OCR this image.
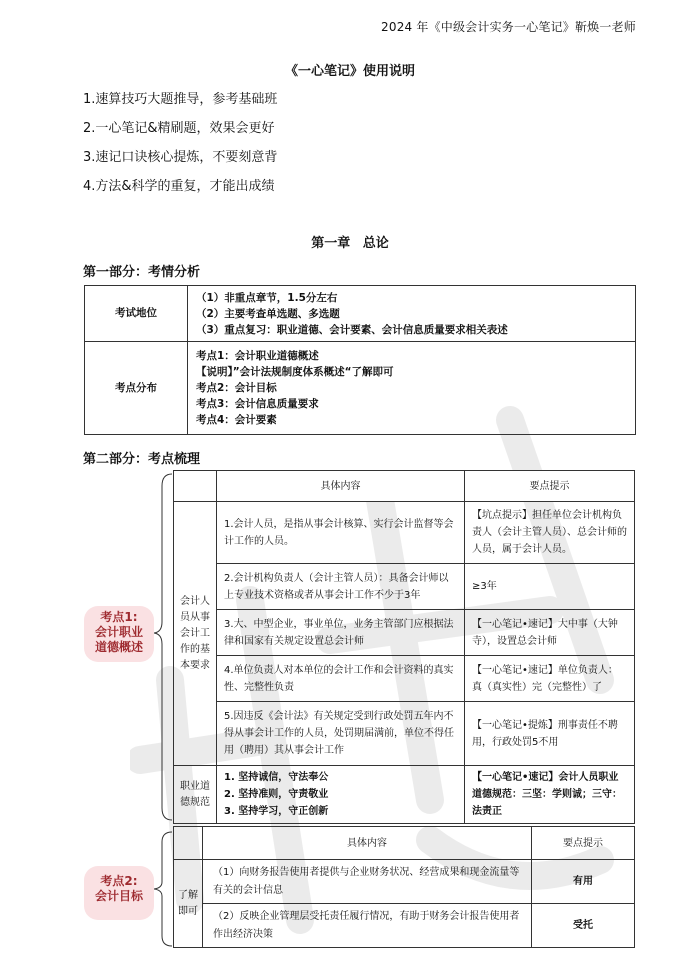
2024 年《中级会计实务一心笔记》靳焕一老师
《一心笔记》使用说明
1.速算技巧大题推导，参考基础班
2.一心笔记&精刷题，效果会更好
3.速记口诀核心提炼，不要刻意背
4.方法&科学的重复，才能出成绩
第一章 总论
第一部分：考情分析
考试地位	（1）非重点章节，1.5分左右
（2）主要考查单选题、多选题
（3）重点复习：职业道德、会计要素、会计信息质量要求相关表述

考点分布	考点1：会计职业道德概述
【说明】”会计法规制度体系概述“了解即可
考点2：会计目标
考点3：会计信息质量要求
考点4：会计要素
第二部分：考点梳理
考点1:
会计职业
道德概述
	具体内容	要点提示
会计人员从事会计工作的基本要求	1.会计人员，是指从事会计核算、实行会计监督等会计工作的人员。	【坑点提示】担任单位会计机构负责人（会计主管人员）、总会计师的人员，属于会计人员。
	2.会计机构负责人（会计主管人员）：具备会计师以上专业技术资格或者从事会计工作不少于3年	≥3年
	3.大、中型企业，事业单位，业务主管部门应根据法律和国家有关规定设置总会计师	【一心笔记•速记】大中事（大钟寺），设置总会计师
	4.单位负责人对本单位的会计工作和会计资料的真实性、完整性负责	【一心笔记•速记】单位负责人：真（真实性）完（完整性）了
	5.因违反《会计法》有关规定受到行政处罚五年内不得从事会计工作的人员，处罚期届满前，单位不得任用（聘用）其从事会计工作	【一心笔记•提炼】刑事责任不聘用，行政处罚5不用
职业道德规范	1. 坚持诚信，守法奉公
2. 坚持准则，守责敬业
3. 坚持学习，守正创新	【一心笔记•速记】会计人员职业道德规范：三坚：学则诚；三守：法责正
考点2:
会计目标
	具体内容	要点提示
了解即可	（1）向财务报告使用者提供与企业财务状况、经营成果和现金流量等有关的会计信息	有用
	（2）反映企业管理层受托责任履行情况，有助于财务会计报告使用者作出经济决策	受托
